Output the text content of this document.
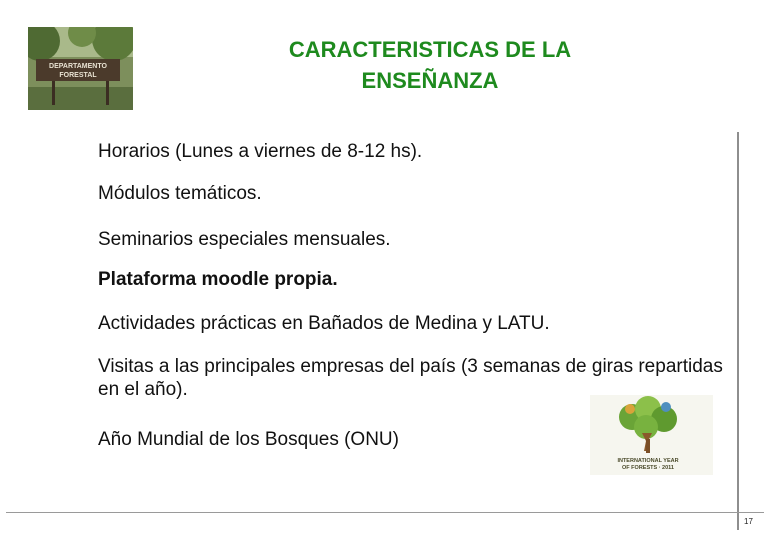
DEPARTAMENTO
FORESTAL
CARACTERISTICAS DE LA
ENSEÑANZA
Horarios (Lunes a viernes de 8-12 hs).
Módulos temáticos.
Seminarios especiales mensuales.
Plataforma moodle propia.
Actividades prácticas en Bañados de Medina y LATU.
Visitas a las principales empresas del país (3 semanas de giras repartidas en el año).
Año Mundial de los Bosques (ONU)
INTERNATIONAL YEAR
OF FORESTS · 2011
17
